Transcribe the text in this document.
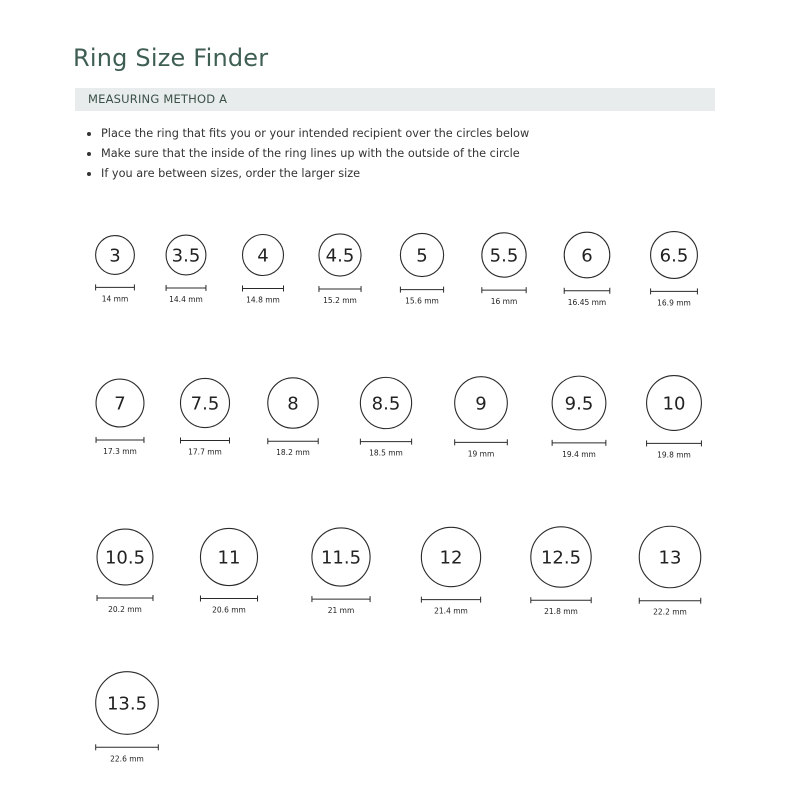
Ring Size Finder
MEASURING METHOD A
Place the ring that fits you or your intended recipient over the circles below
Make sure that the inside of the ring lines up with the outside of the circle
If you are between sizes, order the larger size
3
14 mm
3.5
14.4 mm
4
14.8 mm
4.5
15.2 mm
5
15.6 mm
5.5
16 mm
6
16.45 mm
6.5
16.9 mm
7
17.3 mm
7.5
17.7 mm
8
18.2 mm
8.5
18.5 mm
9
19 mm
9.5
19.4 mm
10
19.8 mm
10.5
20.2 mm
11
20.6 mm
11.5
21 mm
12
21.4 mm
12.5
21.8 mm
13
22.2 mm
13.5
22.6 mm
